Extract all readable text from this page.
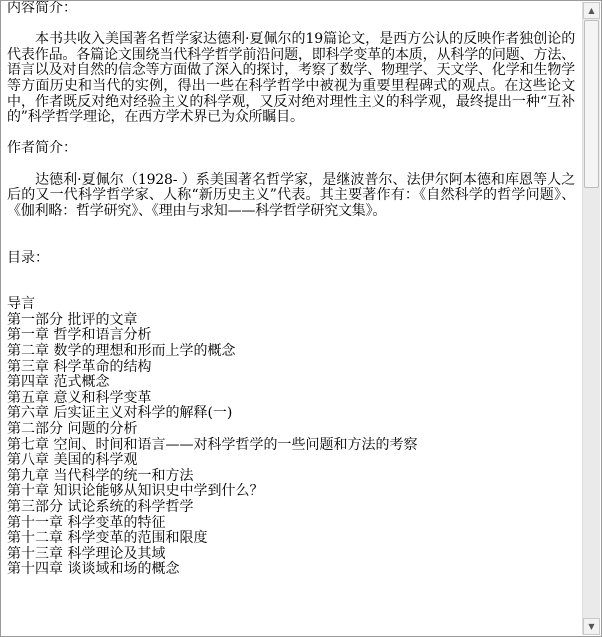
内容简介：

本书共收入美国著名哲学家达德利·夏佩尔的19篇论文，是西方公认的反映作者独创论的代表作品。各篇论文围绕当代科学哲学前沿问题，即科学变革的本质，从科学的问题、方法、语言以及对自然的信念等方面做了深入的探讨，考察了数学、物理学、天文学、化学和生物学等方面历史和当代的实例，得出一些在科学哲学中被视为重要里程碑式的观点。在这些论文中，作者既反对绝对经验主义的科学观，又反对绝对理性主义的科学观，最终提出一种“互补的”科学哲学理论，在西方学术界已为众所瞩目。

作者简介：

达德利·夏佩尔（1928- ）系美国著名哲学家，是继波普尔、法伊尔阿本德和库恩等人之后的又一代科学哲学家、人称“新历史主义”代表。其主要著作有：《自然科学的哲学问题》、《伽利略：哲学研究》、《理由与求知——科学哲学研究文集》。

目录：
导言
第一部分 批评的文章
第一章 哲学和语言分析
第二章 数学的理想和形而上学的概念
第三章 科学革命的结构
第四章 范式概念
第五章 意义和科学变革
第六章 后实证主义对科学的解释(一)
第二部分 问题的分析
第七章 空间、时间和语言——对科学哲学的一些问题和方法的考察
第八章 美国的科学观
第九章 当代科学的统一和方法
第十章 知识论能够从知识史中学到什么？
第三部分 试论系统的科学哲学
第十一章 科学变革的特征
第十二章 科学变革的范围和限度
第十三章 科学理论及其域
第十四章 谈谈域和场的概念
▲
▼
